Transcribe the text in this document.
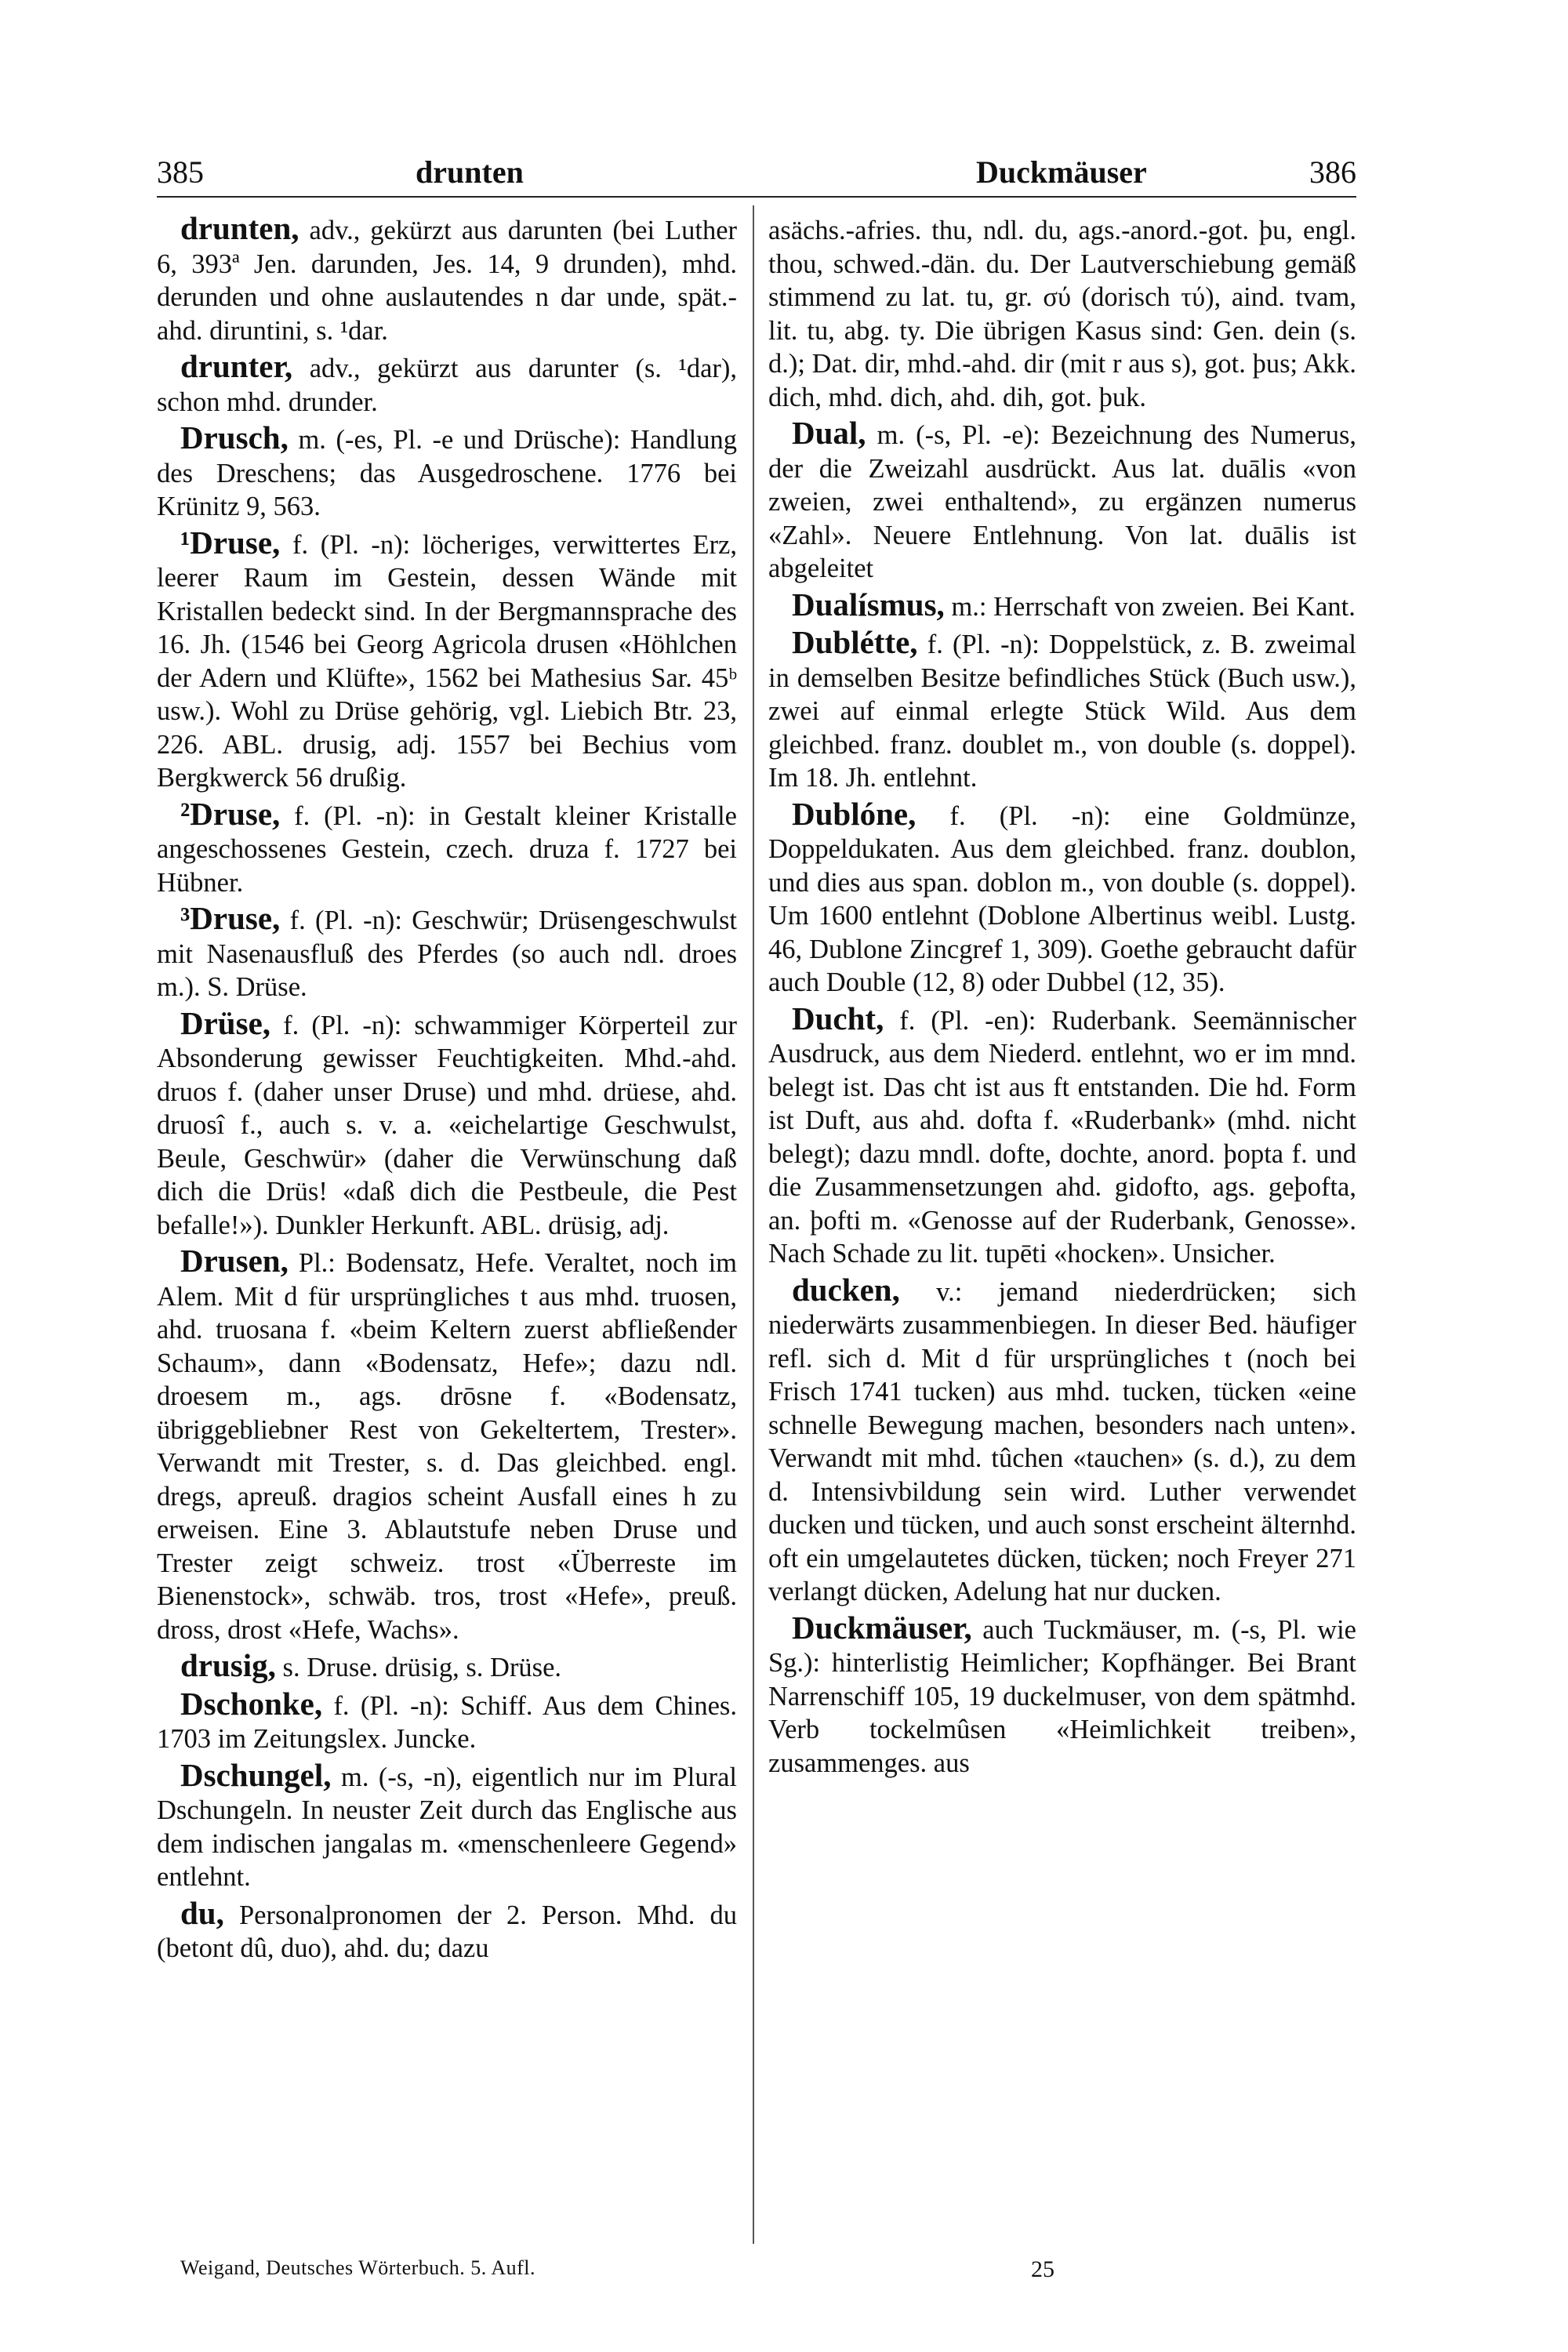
385	drunten	Duckmäuser	386

drunten, adv., gekürzt aus darunten (bei Luther 6, 393ª Jen. darunden, Jes. 14, 9 drunden), mhd. derunden und ohne auslautendes n dar unde, spät.-ahd. diruntini, s. ¹dar.

drunter, adv., gekürzt aus darunter (s. ¹dar), schon mhd. drunder.

Drusch, m. (-es, Pl. -e und Drüsche): Handlung des Dreschens; das Ausgedroschene. 1776 bei Krünitz 9, 563.

¹Druse, f. (Pl. -n): löcheriges, verwittertes Erz, leerer Raum im Gestein, dessen Wände mit Kristallen bedeckt sind. In der Bergmannsprache des 16. Jh. (1546 bei Georg Agricola drusen «Höhlchen der Adern und Klüfte», 1562 bei Mathesius Sar. 45ᵇ usw.). Wohl zu Drüse gehörig, vgl. Liebich Btr. 23, 226. ABL. drusig, adj. 1557 bei Bechius vom Bergkwerck 56 drußig.

²Druse, f. (Pl. -n): in Gestalt kleiner Kristalle angeschossenes Gestein, czech. druza f. 1727 bei Hübner.

³Druse, f. (Pl. -n): Geschwür; Drüsengeschwulst mit Nasenausfluß des Pferdes (so auch ndl. droes m.). S. Drüse.

Drüse, f. (Pl. -n): schwammiger Körperteil zur Absonderung gewisser Feuchtigkeiten. Mhd.-ahd. druos f. (daher unser Druse) und mhd. drüese, ahd. druosî f., auch s. v. a. «eichelartige Geschwulst, Beule, Geschwür» (daher die Verwünschung daß dich die Drüs! «daß dich die Pestbeule, die Pest befalle!»). Dunkler Herkunft. ABL. drüsig, adj.

Drusen, Pl.: Bodensatz, Hefe. Veraltet, noch im Alem. Mit d für ursprüngliches t aus mhd. truosen, ahd. truosana f. «beim Keltern zuerst abfließender Schaum», dann «Bodensatz, Hefe»; dazu ndl. droesem m., ags. drōsne f. «Bodensatz, übriggebliebner Rest von Gekeltertem, Trester». Verwandt mit Trester, s. d. Das gleichbed. engl. dregs, apreuß. dragios scheint Ausfall eines h zu erweisen. Eine 3. Ablautstufe neben Druse und Trester zeigt schweiz. trost «Überreste im Bienenstock», schwäb. tros, trost «Hefe», preuß. dross, drost «Hefe, Wachs».

drusig, s. Druse. drüsig, s. Drüse.

Dschonke, f. (Pl. -n): Schiff. Aus dem Chines. 1703 im Zeitungslex. Juncke.

Dschungel, m. (-s, -n), eigentlich nur im Plural Dschungeln. In neuster Zeit durch das Englische aus dem indischen jangalas m. «menschenleere Gegend» entlehnt.

du, Personalpronomen der 2. Person. Mhd. du (betont dû, duo), ahd. du; dazu

asächs.-afries. thu, ndl. du, ags.-anord.-got. þu, engl. thou, schwed.-dän. du. Der Lautverschiebung gemäß stimmend zu lat. tu, gr. σύ (dorisch τύ), aind. tvam, lit. tu, abg. ty. Die übrigen Kasus sind: Gen. dein (s. d.); Dat. dir, mhd.-ahd. dir (mit r aus s), got. þus; Akk. dich, mhd. dich, ahd. dih, got. þuk.

Dual, m. (-s, Pl. -e): Bezeichnung des Numerus, der die Zweizahl ausdrückt. Aus lat. duālis «von zweien, zwei enthaltend», zu ergänzen numerus «Zahl». Neuere Entlehnung. Von lat. duālis ist abgeleitet

Dualísmus, m.: Herrschaft von zweien. Bei Kant.

Dublétte, f. (Pl. -n): Doppelstück, z. B. zweimal in demselben Besitze befindliches Stück (Buch usw.), zwei auf einmal erlegte Stück Wild. Aus dem gleichbed. franz. doublet m., von double (s. doppel). Im 18. Jh. entlehnt.

Dublóne, f. (Pl. -n): eine Goldmünze, Doppeldukaten. Aus dem gleichbed. franz. doublon, und dies aus span. doblon m., von double (s. doppel). Um 1600 entlehnt (Doblone Albertinus weibl. Lustg. 46, Dublone Zincgref 1, 309). Goethe gebraucht dafür auch Double (12, 8) oder Dubbel (12, 35).

Ducht, f. (Pl. -en): Ruderbank. Seemännischer Ausdruck, aus dem Niederd. entlehnt, wo er im mnd. belegt ist. Das cht ist aus ft entstanden. Die hd. Form ist Duft, aus ahd. dofta f. «Ruderbank» (mhd. nicht belegt); dazu mndl. dofte, dochte, anord. þopta f. und die Zusammensetzungen ahd. gidofto, ags. geþofta, an. þofti m. «Genosse auf der Ruderbank, Genosse». Nach Schade zu lit. tupēti «hocken». Unsicher.

ducken, v.: jemand niederdrücken; sich niederwärts zusammenbiegen. In dieser Bed. häufiger refl. sich d. Mit d für ursprüngliches t (noch bei Frisch 1741 tucken) aus mhd. tucken, tücken «eine schnelle Bewegung machen, besonders nach unten». Verwandt mit mhd. tûchen «tauchen» (s. d.), zu dem d. Intensivbildung sein wird. Luther verwendet ducken und tücken, und auch sonst erscheint älternhd. oft ein umgelautetes dücken, tücken; noch Freyer 271 verlangt dücken, Adelung hat nur ducken.

Duckmäuser, auch Tuckmäuser, m. (-s, Pl. wie Sg.): hinterlistig Heimlicher; Kopfhänger. Bei Brant Narrenschiff 105, 19 duckelmuser, von dem spätmhd. Verb tockelmûsen «Heimlichkeit treiben», zusammenges. aus

Weigand, Deutsches Wörterbuch. 5. Aufl.	25
